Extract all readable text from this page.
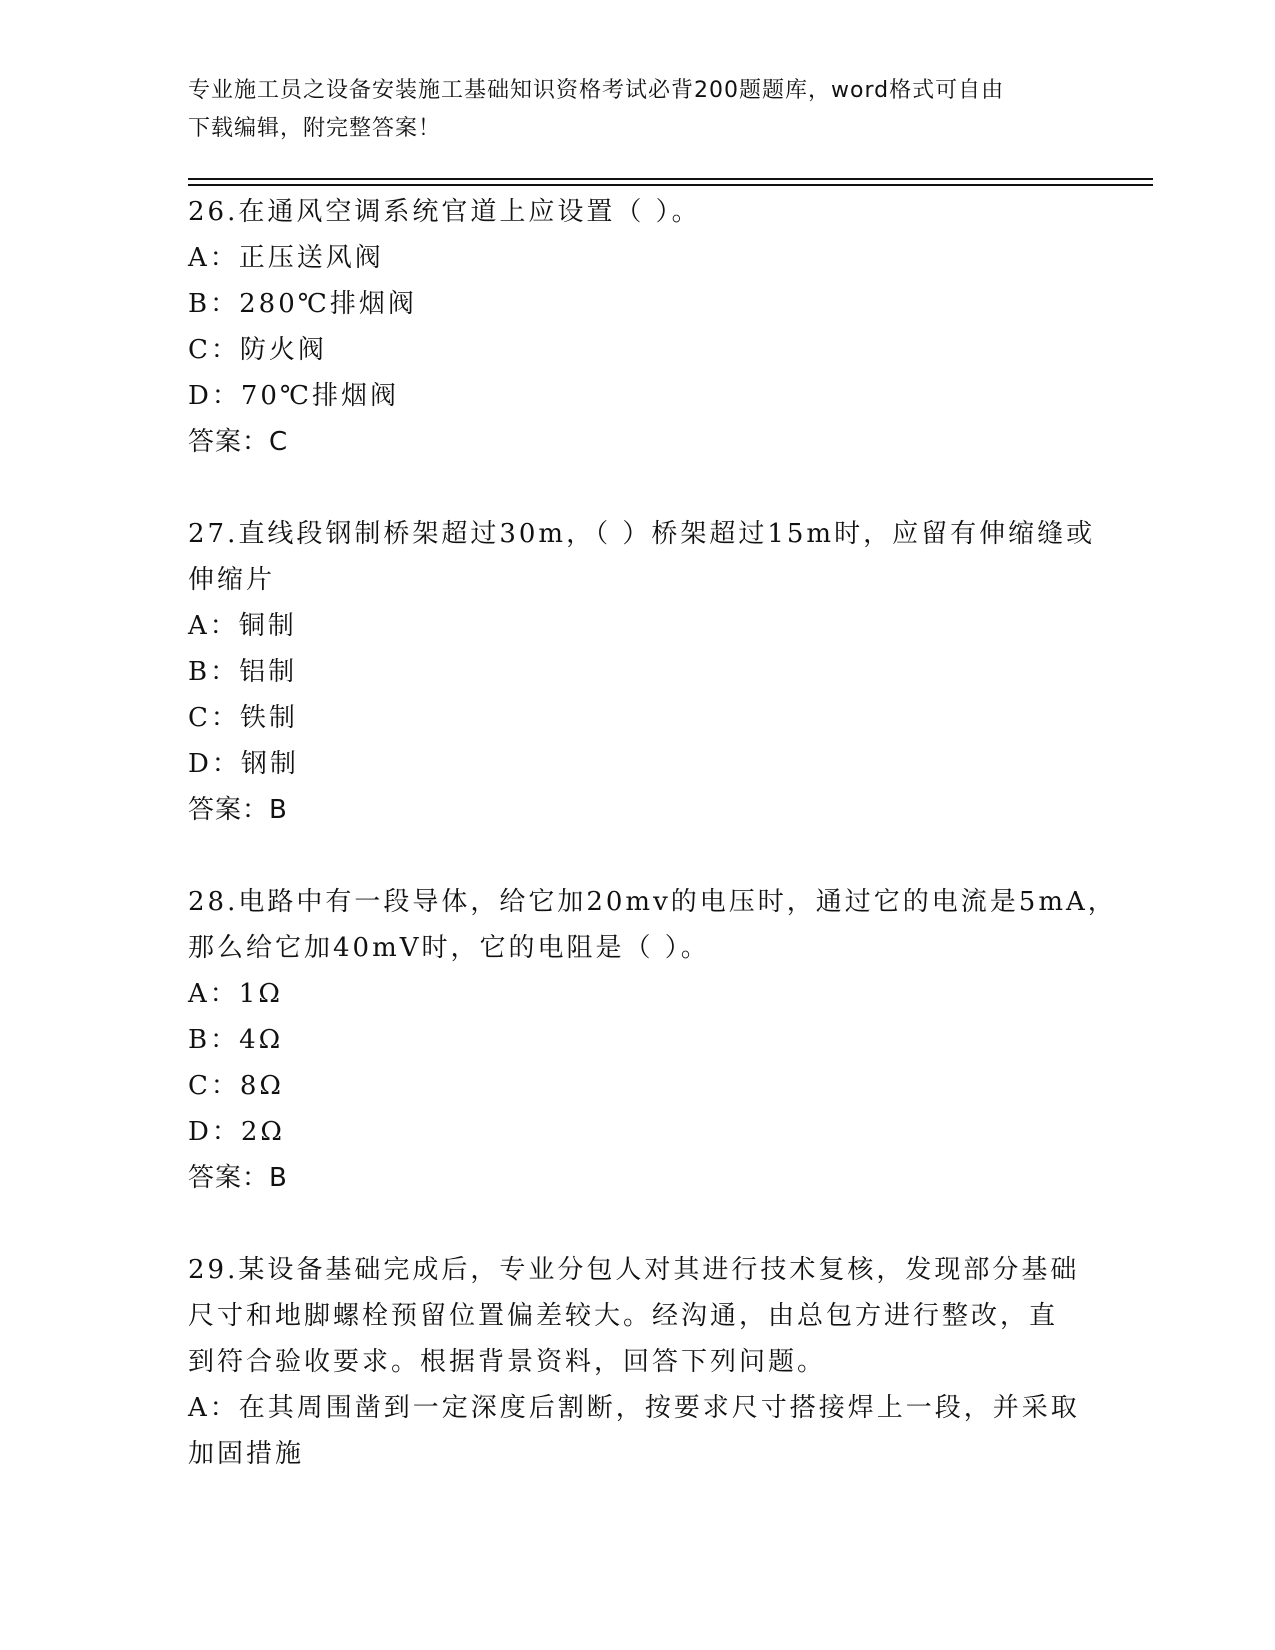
专业施工员之设备安装施工基础知识资格考试必背200题题库，word格式可自由
下载编辑，附完整答案！
26.在通风空调系统官道上应设置（ ）。
A：正压送风阀
B：280℃排烟阀
C：防火阀
D：70℃排烟阀
答案：C
27.直线段钢制桥架超过30m，（ ）桥架超过15m时，应留有伸缩缝或
伸缩片
A：铜制
B：铝制
C：铁制
D：钢制
答案：B
28.电路中有一段导体，给它加20mv的电压时，通过它的电流是5mA，
那么给它加40mV时，它的电阻是（ ）。
A：1Ω
B：4Ω
C：8Ω
D：2Ω
答案：B
29.某设备基础完成后，专业分包人对其进行技术复核，发现部分基础
尺寸和地脚螺栓预留位置偏差较大。经沟通，由总包方进行整改，直
到符合验收要求。根据背景资料，回答下列问题。
A：在其周围凿到一定深度后割断，按要求尺寸搭接焊上一段，并采取
加固措施
